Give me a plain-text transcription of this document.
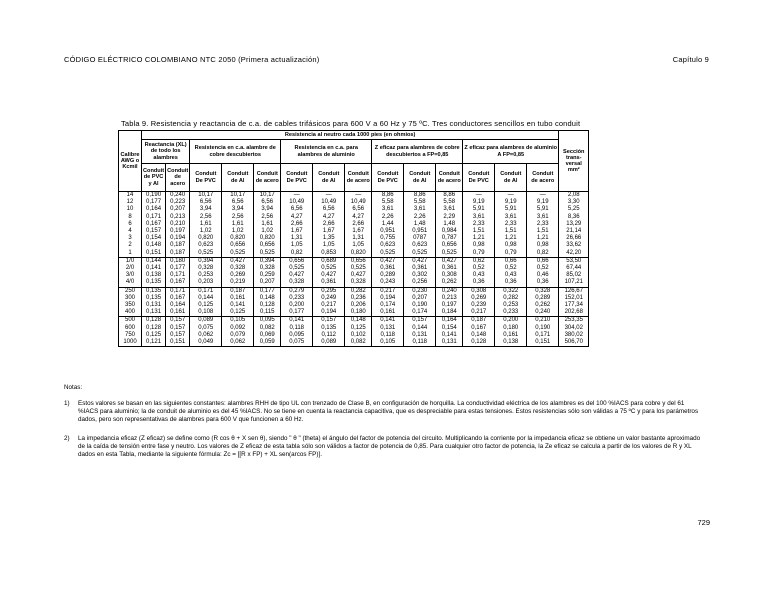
CÓDIGO ELÉCTRICO COLOMBIANO NTC 2050 (Primera actualización)	Capítulo 9
Tabla 9. Resistencia y reactancia de c.a. de cables trifásicos para 600 V a 60 Hz y 75 ºC. Tres conductores sencillos en tubo conduit
Calibre AWG o Kcmil	Resistencia al neutro cada 1000 pies (en ohmios)														Sección trans-versal mm²
	Reactancia (XL) de todo los alambres		Resistencia en c.a. alambre de cobre descubiertos			Resistencia en c.a. para alambres de aluminio			Z eficaz para alambres de cobre descubiertos a FP=0,85			Z eficaz para alambres de aluminio A FP=0,85			
	Conduit de PVC y Al	Conduit de acero	Conduit De PVC	Conduit de Al	Conduit de acero	Conduit De PVC	Conduit de Al	Conduit de acero	Conduit De PVC	Conduit de Al	Conduit de acero	Conduit De PVC	Conduit de Al	Conduit de acero	
14	0,190	0,240	10,17	10,17	10,17	—	—	—	8,86	8,86	8,86	—	—	—	2,08
12	0,177	0,223	6,56	6,56	6,56	10,49	10,49	10,49	5,58	5,58	5,58	9,19	9,19	9,19	3,30
10	0,164	0,207	3,94	3,94	3,94	6,56	6,56	6,56	3,61	3,61	3,61	5,91	5,91	5,91	5,25
8	0,171	0,213	2,56	2,56	2,56	4,27	4,27	4,27	2,26	2,26	2,29	3,61	3,61	3,61	8,36
6	0,167	0,210	1,61	1,61	1,61	2,66	2,66	2,66	1,44	1,48	1,48	2,33	2,33	2,33	13,29
4	0,157	0,197	1,02	1,02	1,02	1,67	1,67	1,67	0,951	0,951	0,984	1,51	1,51	1,51	21,14
3	0,154	0,194	0,820	0,820	0,820	1,31	1,35	1,31	0,755	0787	0,787	1,21	1,21	1,21	26,66
2	0,148	0,187	0,623	0,656	0,656	1,05	1,05	1,05	0,623	0,623	0,656	0,98	0,98	0,98	33,62
1	0,151	0,187	0,525	0,525	0,525	0,82	0,853	0,820	0,525	0,525	0,525	0,79	0,79	0,82	42,20
1/0	0,144	0,180	0,394	0,427	0,394	0,656	0,689	0,656	0,427	0,427	0,427	0,62	0,66	0,66	53,50
2/0	0,141	0,177	0,328	0,328	0,328	0,525	0,525	0,525	0,361	0,361	0,361	0,52	0,52	0,52	67,44
3/0	0,138	0,171	0,253	0,269	0,259	0,427	0,427	0,427	0,289	0,302	0,308	0,43	0,43	0,46	85,02
4/0	0,135	0,167	0,203	0,219	0,207	0,328	0,361	0,328	0,243	0,256	0,262	0,36	0,36	0,36	107,21
250	0,135	0,171	0,171	0,187	0,177	0,279	0,295	0,282	0,217	0,230	0,240	0,308	0,322	0,328	126,67
300	0,135	0,167	0,144	0,161	0,148	0,233	0,249	0,236	0,194	0,207	0,213	0,269	0,282	0,289	152,01
350	0,131	0,164	0,125	0,141	0,128	0,200	0,217	0,206	0,174	0,190	0,197	0,239	0,253	0,262	177,34
400	0,131	0,161	0,108	0,125	0,115	0,177	0,194	0,180	0,161	0,174	0,184	0,217	0,233	0,240	202,68
500	0,128	0,157	0,089	0,105	0,095	0,141	0,157	0,148	0,141	0,157	0,164	0,187	0,200	0,210	253,35
600	0,128	0,157	0,075	0,092	0,082	0,118	0,135	0,125	0,131	0,144	0,154	0,167	0,180	0,190	304,02
750	0,125	0,157	0,062	0,079	0,069	0,095	0,112	0,102	0,118	0,131	0,141	0,148	0,161	0,171	380,02
1000	0,121	0,151	0,049	0,062	0,059	0,075	0,089	0,082	0,105	0,118	0,131	0,128	0,138	0,151	506,70
Notas:
1) Estos valores se basan en las siguientes constantes: alambres RHH de tipo UL con trenzado de Clase B, en configuración de horquilla. La conductividad eléctrica de los alambres es del 100 %IACS para cobre y del 61 %IACS para aluminio; la de conduit de aluminio es del 45 %IACS. No se tiene en cuenta la reactancia capacitiva, que es despreciable para estas tensiones. Estos resistencias sólo son válidas a 75 ºC y para los parámetros dados, pero son representativas de alambres para 600 V que funcionen a 60 Hz.
2) La impedancia eficaz (Z eficaz) se define como (R cos θ + X sen θ), siendo " θ " (theta) el ángulo del factor de potencia del circuito. Multiplicando la corriente por la impedancia eficaz se obtiene un valor bastante aproximado de la caída de tensión entre fase y neutro. Los valores de Z eficaz de esta tabla sólo son válidos a factor de potencia de 0,85. Para cualquier otro factor de potencia, la Ze eficaz se calcula a partir de los valores de R y XL dados en esta Tabla, mediante la siguiente fórmula: Zc = [[R x FP) + XL sen(arcos FP)].
729
